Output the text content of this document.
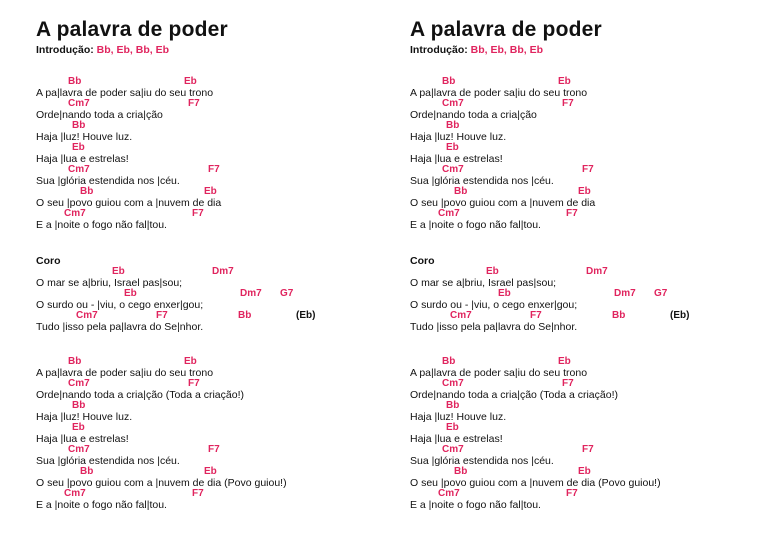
A palavra de poder
Introdução: Bb, Eb, Bb, Eb
Coro
Bb	Eb
A pa|lavra de poder sa|iu do seu trono
Cm7	F7
Orde|nando toda a cria|ção
Bb
Haja |luz! Houve luz.
Eb
Haja |lua e estrelas!
Cm7	F7
Sua |glória estendida nos |céu.
Bb	Eb
O seu |povo guiou com a |nuvem de dia
Cm7	F7
E a |noite o fogo não fal|tou.
Eb	Dm7
O mar se a|briu, Israel pas|sou;
Eb	Dm7 G7
O surdo ou - |viu, o cego enxer|gou;
Cm7	F7	Bb	(Eb)
Tudo |isso pela pa|lavra do Se|nhor.
Bb	Eb
A pa|lavra de poder sa|iu do seu trono
Cm7	F7
Orde|nando toda a cria|ção (Toda a criação!)
Bb
Haja |luz! Houve luz.
Eb
Haja |lua e estrelas!
Cm7	F7
Sua |glória estendida nos |céu.
Bb	Eb
O seu |povo guiou com a |nuvem de dia (Povo guiou!)
Cm7	F7
E a |noite o fogo não fal|tou.
A palavra de poder
Introdução: Bb, Eb, Bb, Eb
Coro
Bb	Eb
A pa|lavra de poder sa|iu do seu trono
Cm7	F7
Orde|nando toda a cria|ção
Bb
Haja |luz! Houve luz.
Eb
Haja |lua e estrelas!
Cm7	F7
Sua |glória estendida nos |céu.
Bb	Eb
O seu |povo guiou com a |nuvem de dia
Cm7	F7
E a |noite o fogo não fal|tou.
Eb	Dm7
O mar se a|briu, Israel pas|sou;
Eb	Dm7 G7
O surdo ou - |viu, o cego enxer|gou;
Cm7	F7	Bb	(Eb)
Tudo |isso pela pa|lavra do Se|nhor.
Bb	Eb
A pa|lavra de poder sa|iu do seu trono
Cm7	F7
Orde|nando toda a cria|ção (Toda a criação!)
Bb
Haja |luz! Houve luz.
Eb
Haja |lua e estrelas!
Cm7	F7
Sua |glória estendida nos |céu.
Bb	Eb
O seu |povo guiou com a |nuvem de dia (Povo guiou!)
Cm7	F7
E a |noite o fogo não fal|tou.
